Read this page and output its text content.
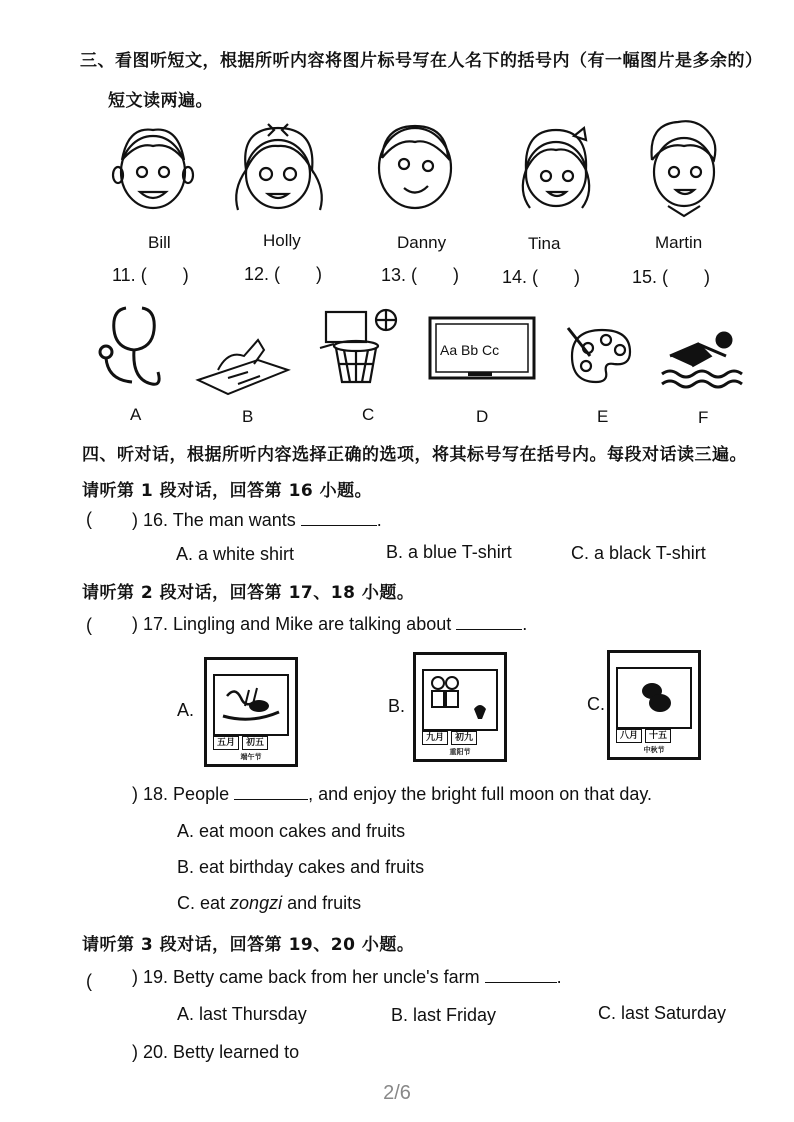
三、看图听短文，根据所听内容将图片标号写在人名下的括号内（有一幅图片是多余的）
短文读两遍。
Bill	Holly	Danny	Tina	Martin
11. ( )	12. ( )	13. ( ) 14. ( )	15. ( )
Aa Bb Cc
A	B	C	D	E	F
四、听对话，根据所听内容选择正确的选项，将其标号写在括号内。每段对话读三遍。
请听第 1 段对话，回答第 16 小题。
( ) 16. The man wants	.
A. a white shirt	B. a blue T-shirt	C. a black T-shirt
请听第 2 段对话，回答第 17、18 小题。
( ) 17. Lingling and Mike are talking about	.
A.	B.	C.
五月	初五
端午节
九月	初九
重阳节
八月	十五
中秋节
) 18. People	, and enjoy the bright full moon on that day.
A. eat moon cakes and fruits
B. eat birthday cakes and fruits
C. eat zongzi and fruits
请听第 3 段对话，回答第 19、20 小题。
( ) 19. Betty came back from her uncle's farm	.
A. last Thursday	B. last Friday	C. last Saturday
) 20. Betty learned to
2/6
